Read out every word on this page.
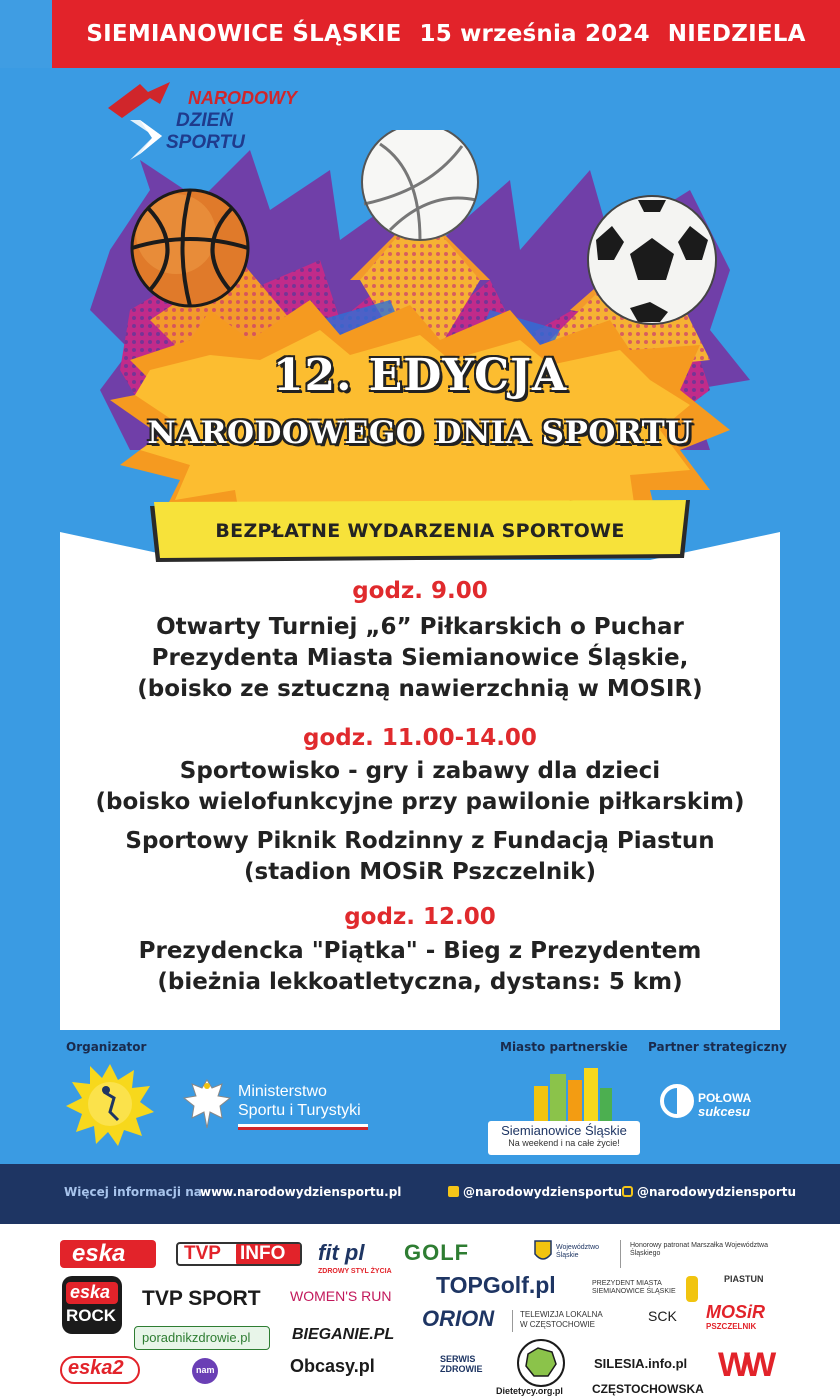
SIEMIANOWICE ŚLĄSKIE 15 września 2024 NIEDZIELA
NARODOWY
DZIEŃ
SPORTU
12. EDYCJA
NARODOWEGO DNIA SPORTU
BEZPŁATNE WYDARZENIA SPORTOWE
godz. 9.00
Otwarty Turniej „6” Piłkarskich o Puchar
Prezydenta Miasta Siemianowice Śląskie,
(boisko ze sztuczną nawierzchnią w MOSIR)
godz. 11.00-14.00
Sportowisko - gry i zabawy dla dzieci
(boisko wielofunkcyjne przy pawilonie piłkarskim)
Sportowy Piknik Rodzinny z Fundacją Piastun
(stadion MOSiR Pszczelnik)
godz. 12.00
Prezydencka "Piątka" - Bieg z Prezydentem
(bieżnia lekkoatletyczna, dystans: 5 km)
Organizator	Miasto partnerskie Partner strategiczny
Ministerstwo
Sportu i Turystyki
Siemianowice Śląskie
Na weekend i na całe życie!
POŁOWA
sukcesu
Więcej informacji na
www.narodowydziensportu.pl	@narodowydziensportu	@narodowydziensportu
eska	TVP INFO fit pl
ZDROWY STYL ŻYCIA
GOLF	Województwo Śląskie
Honorowy patronat Marszałka Województwa Śląskiego
eska
ROCK
TVP SPORT WOMEN'S RUN TOPGolf.pl	PREZYDENT MIASTA SIEMIANOWICE ŚLĄSKIE
PIASTUN
poradnikzdrowie.pl	BIEGANIE.PL
ORION	TELEWIZJA LOKALNA
W CZĘSTOCHOWIE
SCK MOSiR
PSZCZELNIK
eska2	nam	Obcasy.pl	SERWIS
ZDROWIE
Dietetycy.org.pl
SILESIA.info.pl
CZĘSTOCHOWSKA
WW
